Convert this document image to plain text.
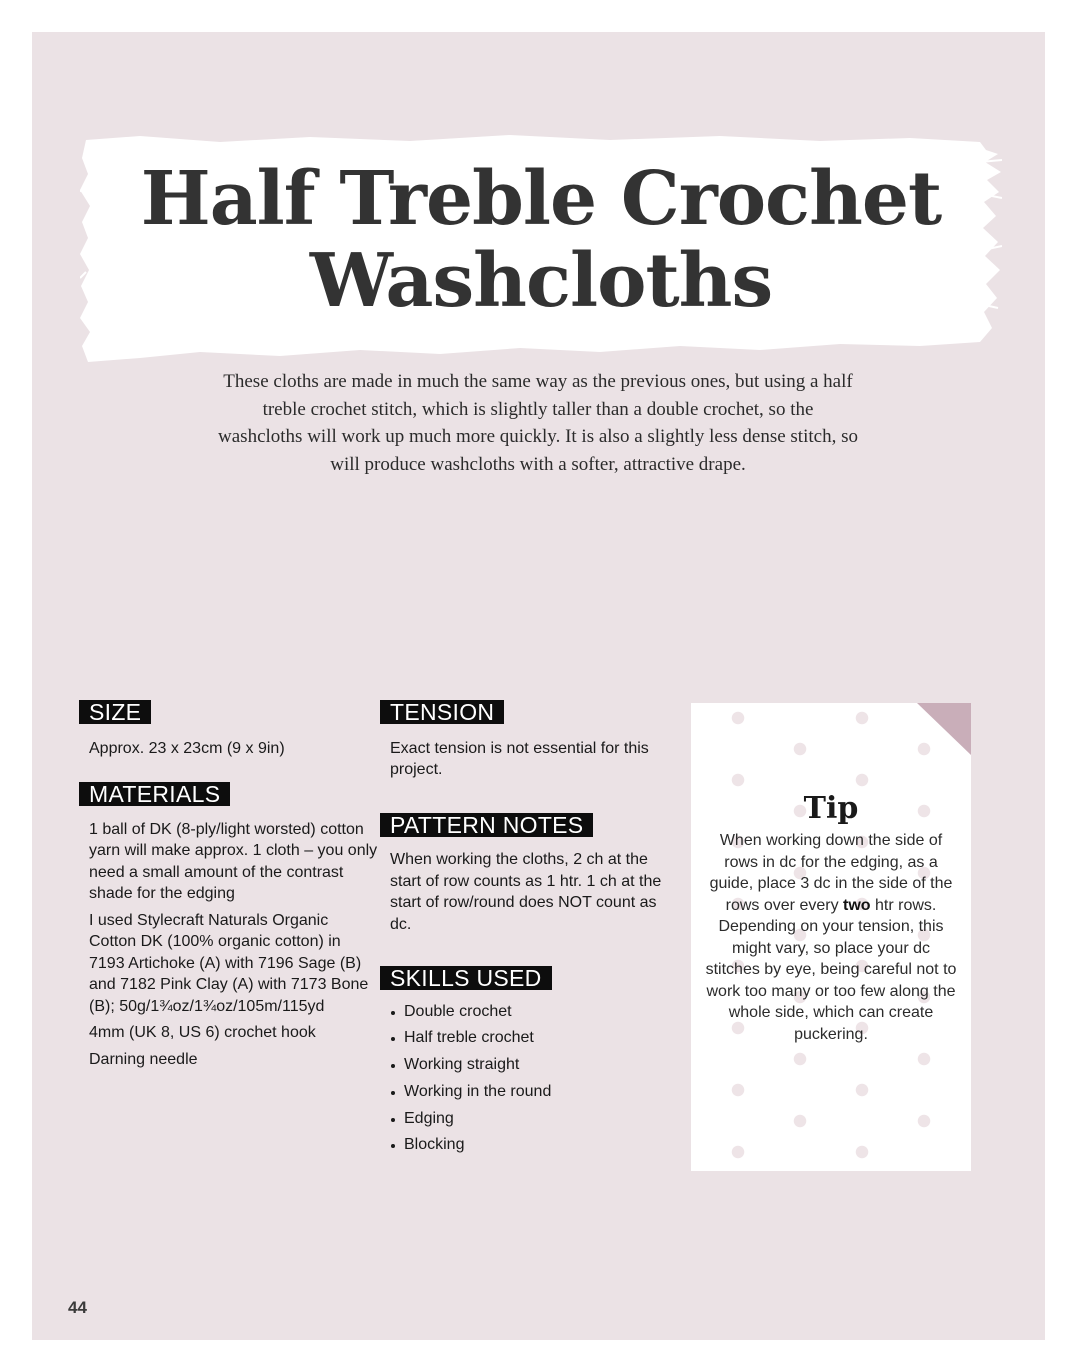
Half Treble Crochet
Washcloths

These cloths are made in much the same way as the previous ones, but using a half treble crochet stitch, which is slightly taller than a double crochet, so the washcloths will work up much more quickly. It is also a slightly less dense stitch, so will produce washcloths with a softer, attractive drape.

SIZE

Approx. 23 x 23cm (9 x 9in)

MATERIALS

1 ball of DK (8-ply/light worsted) cotton yarn will make approx. 1 cloth – you only need a small amount of the contrast shade for the edging

I used Stylecraft Naturals Organic Cotton DK (100% organic cotton) in 7193 Artichoke (A) with 7196 Sage (B) and 7182 Pink Clay (A) with 7173 Bone (B); 50g/1¾oz/1¾oz/105m/115yd

4mm (UK 8, US 6) crochet hook

Darning needle

TENSION

Exact tension is not essential for this project.

PATTERN NOTES

When working the cloths, 2 ch at the start of row counts as 1 htr. 1 ch at the start of row/round does NOT count as dc.

SKILLS USED
Double crochet
Half treble crochet
Working straight
Working in the round
Edging
Blocking
Tip

When working down the side of rows in dc for the edging, as a guide, place 3 dc in the side of the rows over every two htr rows. Depending on your tension, this might vary, so place your dc stitches by eye, being careful not to work too many or too few along the whole side, which can create puckering.

44
